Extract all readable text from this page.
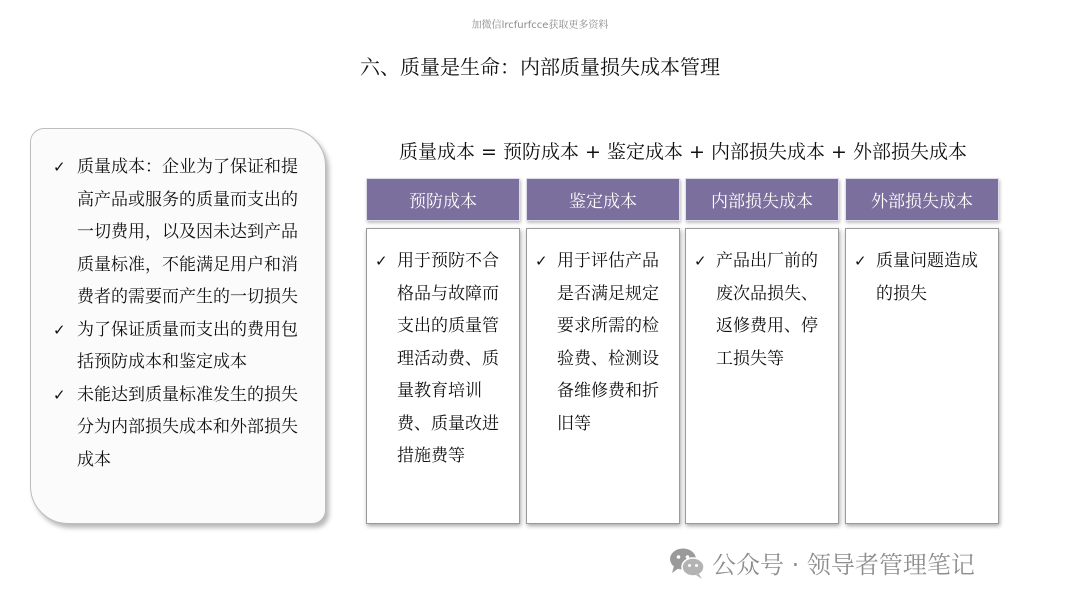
加微信lrcfurfcce获取更多资料
六、质量是生命：内部质量损失成本管理
✓ 质量成本：企业为了保证和提高产品或服务的质量而支出的一切费用，以及因未达到产品质量标准，不能满足用户和消费者的需要而产生的一切损失
✓ 为了保证质量而支出的费用包括预防成本和鉴定成本
✓ 未能达到质量标准发生的损失分为内部损失成本和外部损失成本
质量成本 = 预防成本 + 鉴定成本 + 内部损失成本 + 外部损失成本
预防成本	鉴定成本	内部损失成本	外部损失成本
✓ 用于预防不合格品与故障而支出的质量管理活动费、质量教育培训费、质量改进措施费等
✓ 用于评估产品是否满足规定要求所需的检验费、检测设备维修费和折旧等
✓ 产品出厂前的废次品损失、返修费用、停工损失等
✓ 质量问题造成的损失
公众号 · 领导者管理笔记
